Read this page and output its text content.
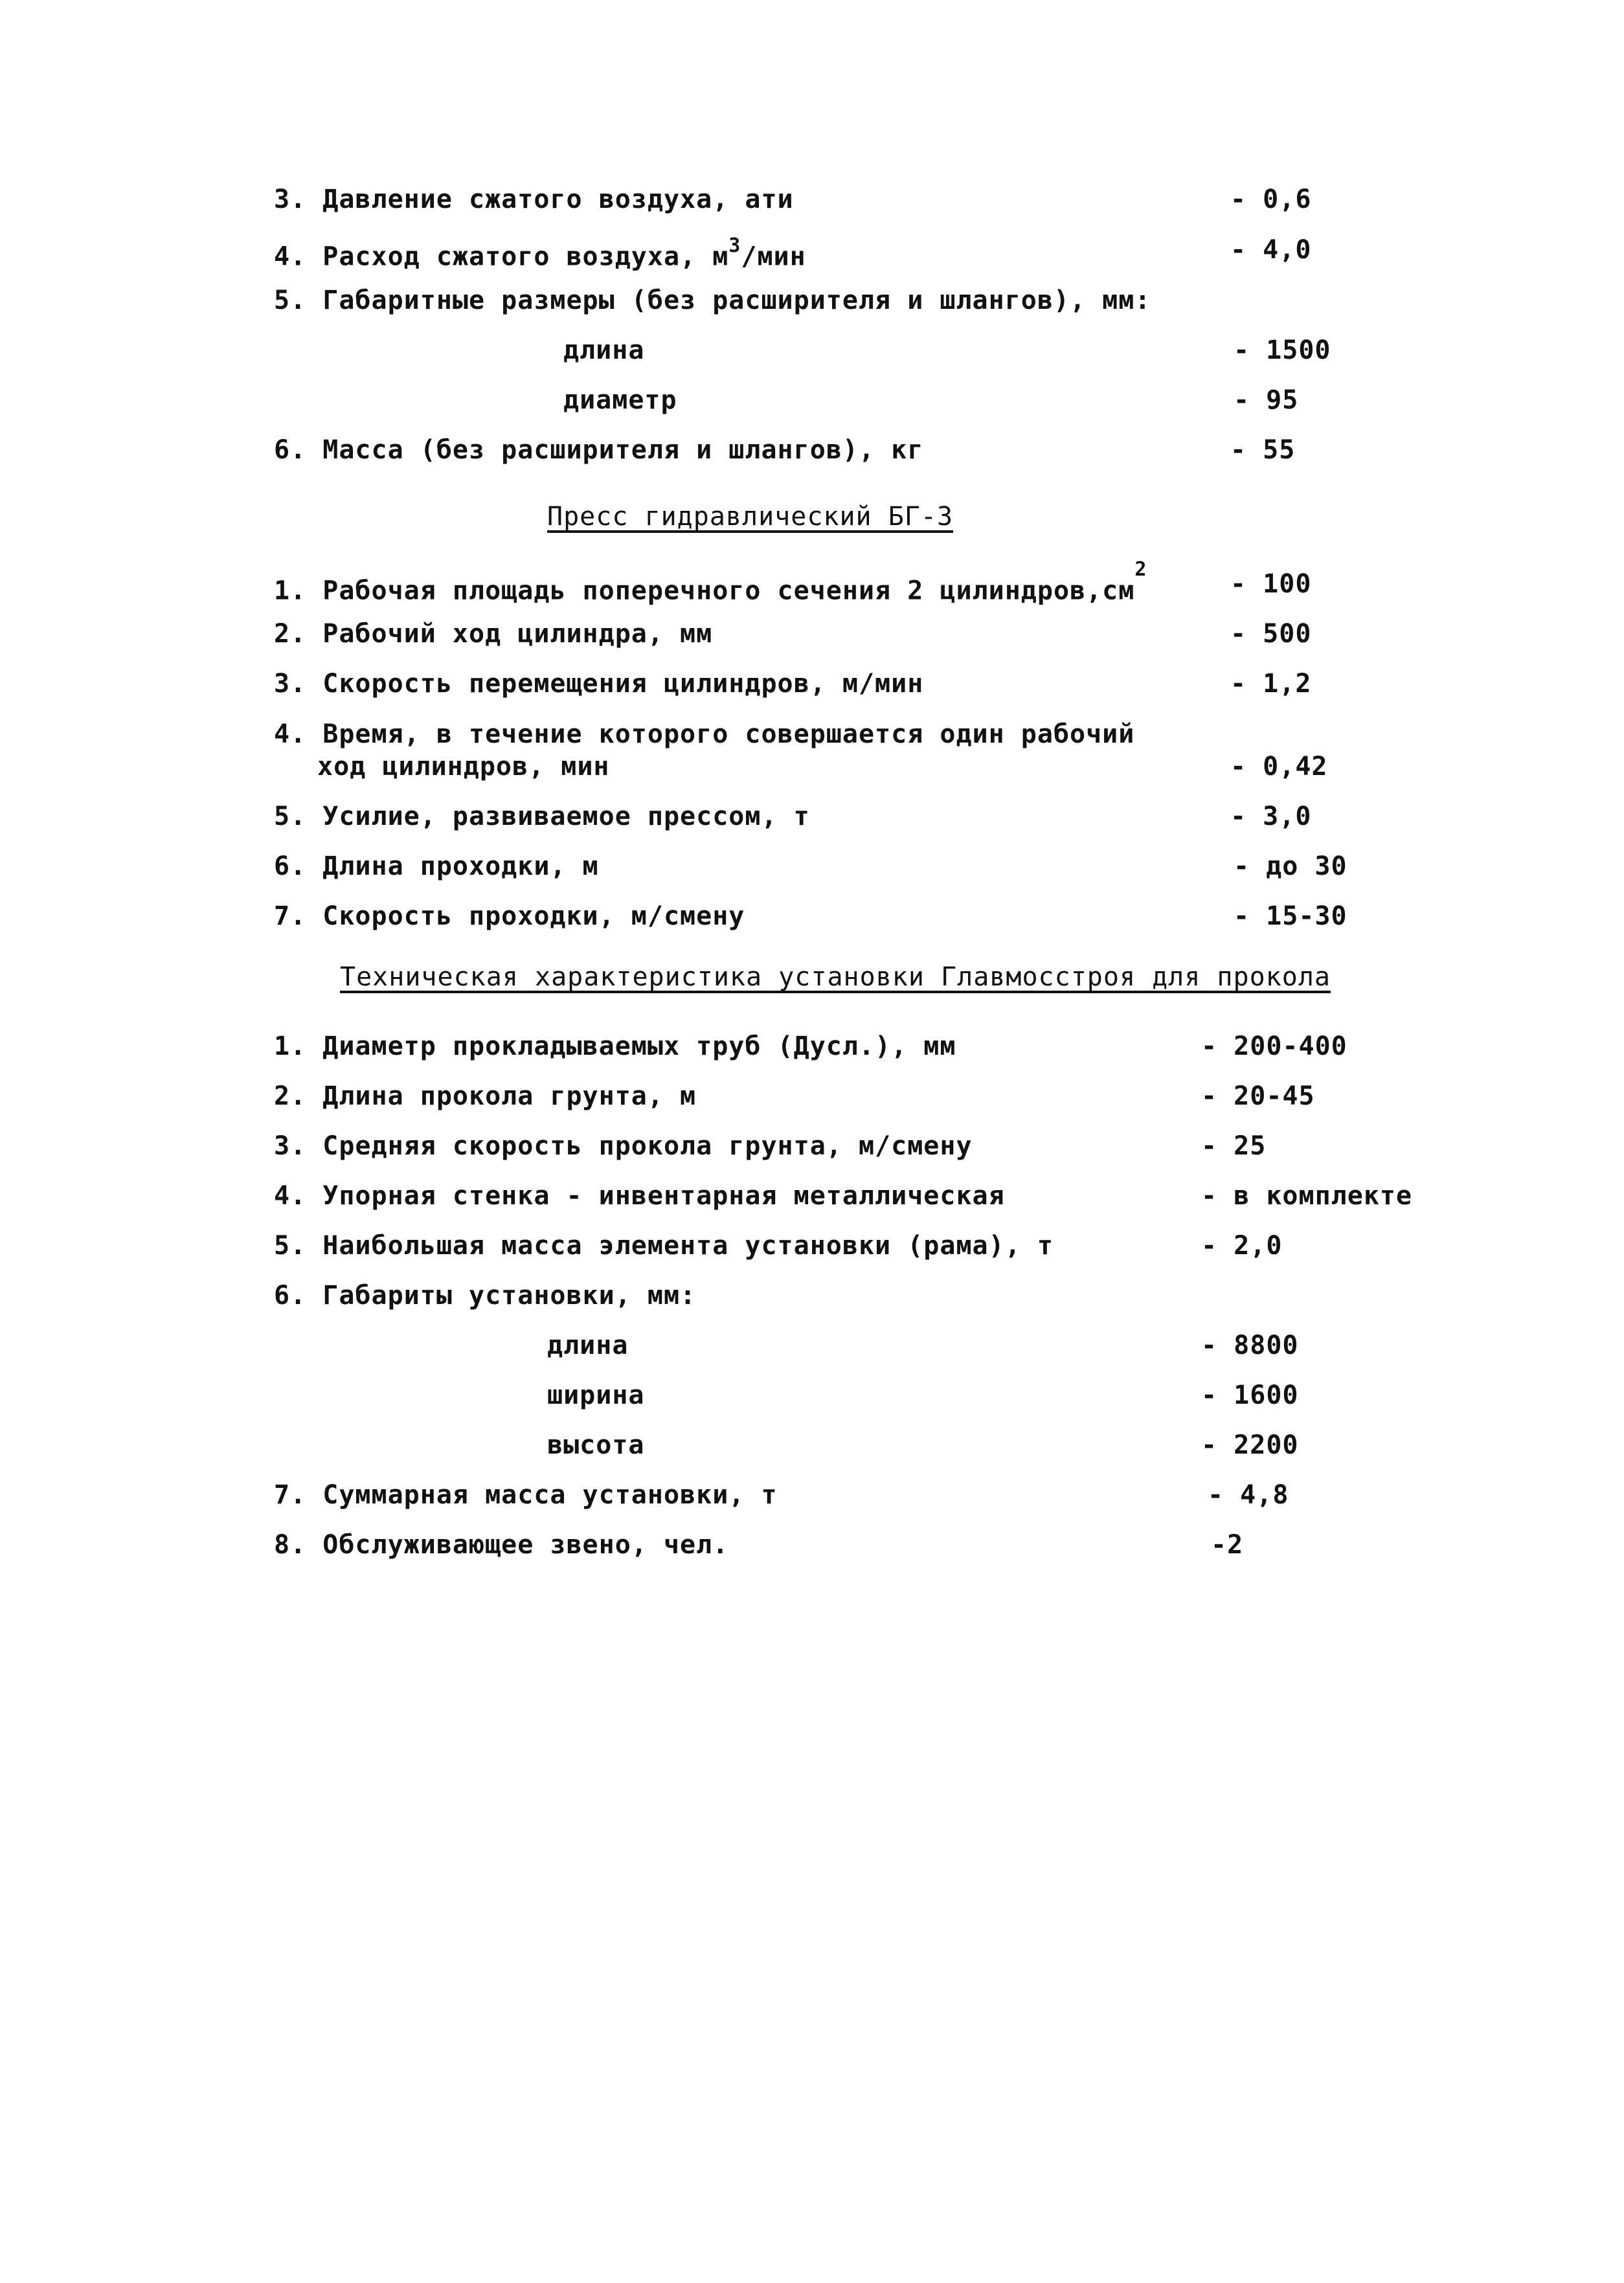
3. Давление сжатого воздуха, ати	- 0,6
4. Расход сжатого воздуха, $м^3$/мин	- 4,0
5. Габаритные размеры (без расширителя и шлангов), мм:
длина	- 1500
диаметр	- 95
6. Масса (без расширителя и шлангов), кг	- 55
Пресс гидравлический БГ-3
1. Рабочая площадь поперечного сечения 2 $цилиндров,см^2$	- 100
2. Рабочий ход цилиндра, мм	- 500
3. Скорость перемещения цилиндров, м/мин	- 1,2
4. Время, в течение которого совершается один рабочий
ход цилиндров, мин	- 0,42
5. Усилие, развиваемое прессом, т	- 3,0
6. Длина проходки, м	- до 30
7. Скорость проходки, м/смену	- 15-30
Техническая характеристика установки Главмосстроя для прокола
1. Диаметр прокладываемых труб (Дусл.), мм	- 200-400
2. Длина прокола грунта, м	- 20-45
3. Средняя скорость прокола грунта, м/смену	- 25
4. Упорная стенка - инвентарная металлическая	- в комплекте
5. Наибольшая масса элемента установки (рама), т	- 2,0
6. Габариты установки, мм:
длина	- 8800
ширина	- 1600
высота	- 2200
7. Суммарная масса установки, т	- 4,8
8. Обслуживающее звено, чел.	-2
